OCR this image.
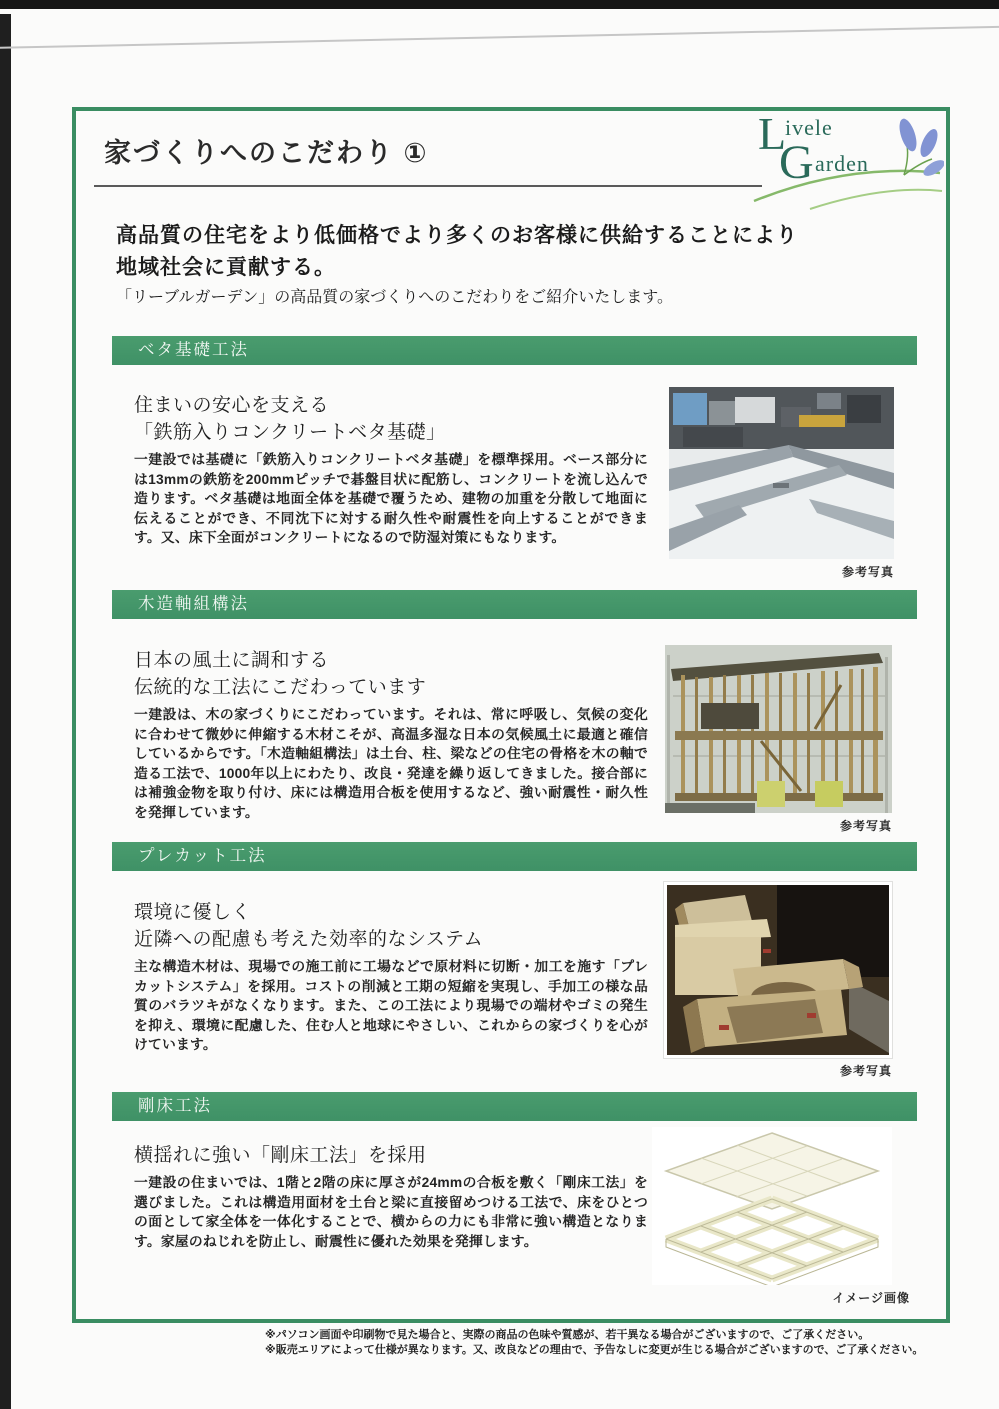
家づくりへのこだわり ①	L
ivele
G arden
高品質の住宅をより低価格でより多くのお客様に供給することにより
地域社会に貢献する。
「リーブルガーデン」の高品質の家づくりへのこだわりをご紹介いたします。
ベタ基礎工法
木造軸組構法
プレカット工法
剛床工法
住まいの安心を支える
「鉄筋入りコンクリートベタ基礎」
一建設では基礎に「鉄筋入りコンクリートベタ基礎」を標準採用。ベース部分には13mmの鉄筋を200mmピッチで碁盤目状に配筋し、コンクリートを流し込んで造ります。ベタ基礎は地面全体を基礎で覆うため、建物の加重を分散して地面に伝えることができ、不同沈下に対する耐久性や耐震性を向上することができます。又、床下全面がコンクリートになるので防湿対策にもなります。
日本の風土に調和する
伝統的な工法にこだわっています
一建設は、木の家づくりにこだわっています。それは、常に呼吸し、気候の変化に合わせて微妙に伸縮する木材こそが、高温多湿な日本の気候風土に最適と確信しているからです。「木造軸組構法」は土台、柱、梁などの住宅の骨格を木の軸で造る工法で、1000年以上にわたり、改良・発達を繰り返してきました。接合部には補強金物を取り付け、床には構造用合板を使用するなど、強い耐震性・耐久性を発揮しています。
環境に優しく
近隣への配慮も考えた効率的なシステム
主な構造木材は、現場での施工前に工場などで原材料に切断・加工を施す「プレカットシステム」を採用。コストの削減と工期の短縮を実現し、手加工の様な品質のバラツキがなくなります。また、この工法により現場での端材やゴミの発生を抑え、環境に配慮した、住む人と地球にやさしい、これからの家づくりを心がけています。
横揺れに強い「剛床工法」を採用
一建設の住まいでは、1階と2階の床に厚さが24mmの合板を敷く「剛床工法」を選びました。これは構造用面材を土台と梁に直接留めつける工法で、床をひとつの面として家全体を一体化することで、横からの力にも非常に強い構造となります。家屋のねじれを防止し、耐震性に優れた効果を発揮します。
参考写真
参考写真
参考写真
イメージ画像
※パソコン画面や印刷物で見た場合と、実際の商品の色味や質感が、若干異なる場合がございますので、ご了承ください。
※販売エリアによって仕様が異なります。又、改良などの理由で、予告なしに変更が生じる場合がございますので、ご了承ください。
